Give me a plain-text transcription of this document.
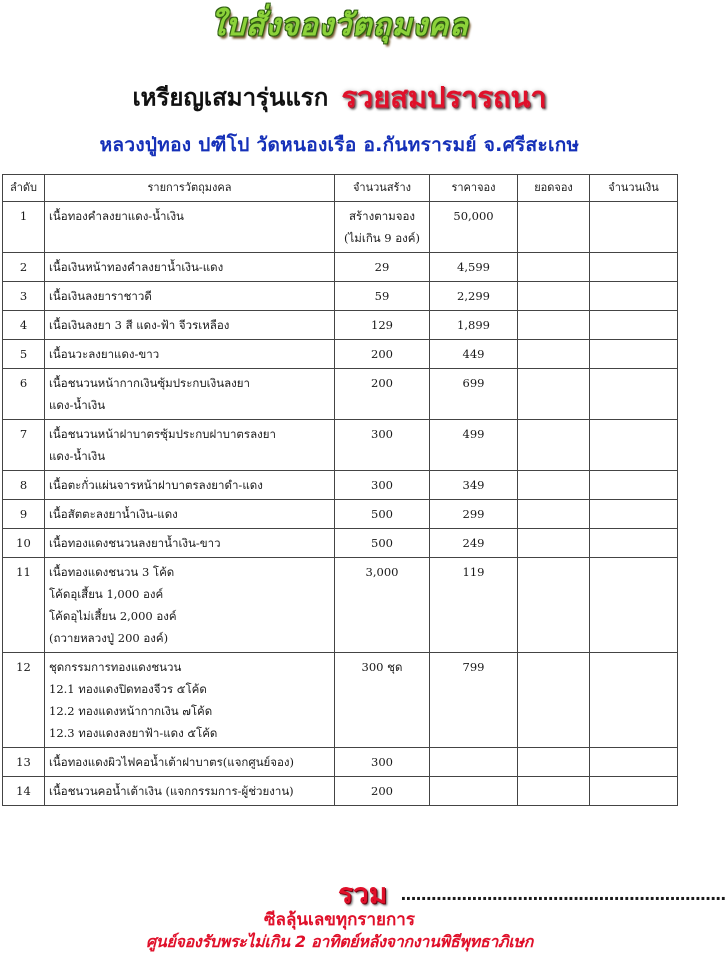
ใบสั่งจองวัตถุมงคล
เหรียญเสมารุ่นแรก รวยสมปรารถนา
หลวงปู่ทอง ปฑีโป วัดหนองเรือ อ.กันทรารมย์ จ.ศรีสะเกษ
ลำดับ	รายการวัตถุมงคล	จำนวนสร้าง	ราคาจอง	ยอดจอง	จำนวนเงิน
1	เนื้อทองคำลงยาแดง-น้ำเงิน	สร้างตามจอง
(ไม่เกิน 9 องค์)	50,000		
2	เนื้อเงินหน้าทองคำลงยาน้ำเงิน-แดง	29	4,599		
3	เนื้อเงินลงยาราชาวดี	59	2,299		
4	เนื้อเงินลงยา 3 สี แดง-ฟ้า จีวรเหลือง	129	1,899		
5	เนื้อนวะลงยาแดง-ขาว	200	449		
6	เนื้อชนวนหน้ากากเงินซุ้มประกบเงินลงยา
แดง-น้ำเงิน	200	699		
7	เนื้อชนวนหน้าฝาบาตรซุ้มประกบฝาบาตรลงยา
แดง-น้ำเงิน	300	499		
8	เนื้อตะกั่วแผ่นจารหน้าฝาบาตรลงยาดำ-แดง	300	349		
9	เนื้อสัตตะลงยาน้ำเงิน-แดง	500	299		
10	เนื้อทองแดงชนวนลงยาน้ำเงิน-ขาว	500	249		
11	เนื้อทองแดงชนวน 3 โค้ด
โค้ดอุเสี้ยน 1,000 องค์
โค้ดอุไม่เสี้ยน 2,000 องค์
(ถวายหลวงปู่ 200 องค์)	3,000	119		
12	ชุดกรรมการทองแดงชนวน
12.1 ทองแดงปิดทองจีวร ๕โค้ด
12.2 ทองแดงหน้ากากเงิน ๗โค้ด
12.3 ทองแดงลงยาฟ้า-แดง ๕โค้ด	300 ชุด	799		
13	เนื้อทองแดงผิวไฟคอน้ำเต้าฝาบาตร(แจกศูนย์จอง)	300			

14	เนื้อชนวนคอน้ำเต้าเงิน (แจกกรรมการ-ผู้ช่วยงาน)	200			

รวม ................................................................
ซีลลุ้นเลขทุกรายการ
ศูนย์จองรับพระไม่เกิน 2 อาทิตย์หลังจากงานพิธีพุทธาภิเษก
